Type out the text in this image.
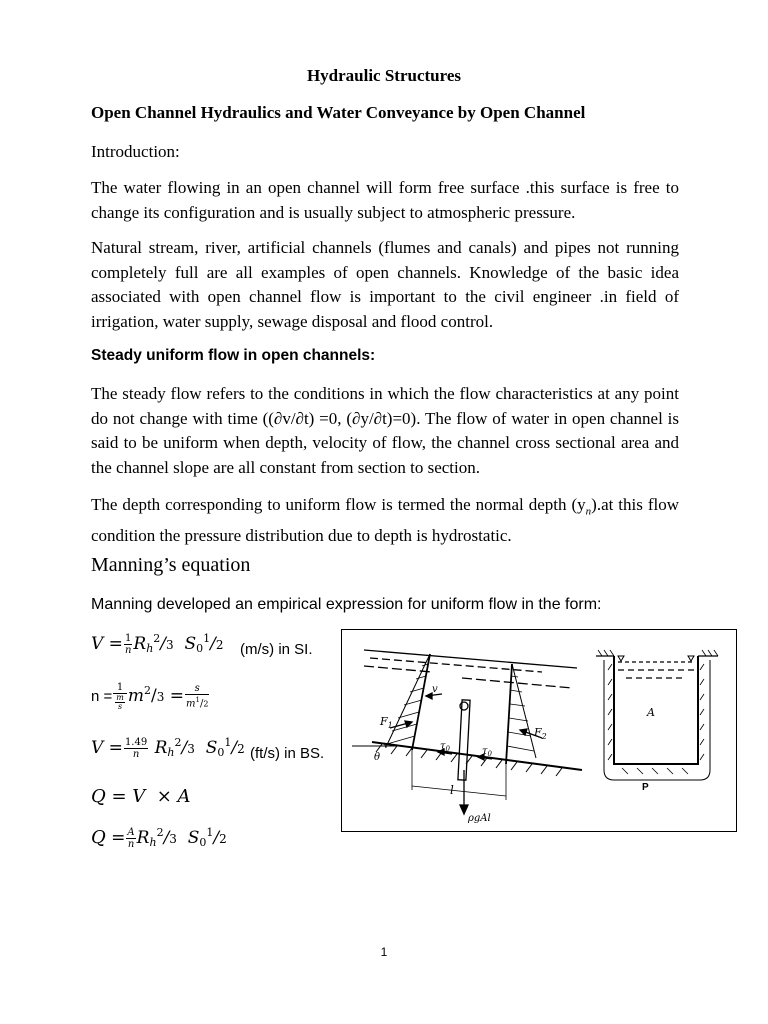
Hydraulic Structures
Open Channel Hydraulics and Water Conveyance by Open Channel
Introduction:
The water flowing in an open channel will form free surface .this surface is free to change its configuration and is usually subject to atmospheric pressure.
Natural stream, river, artificial channels (flumes and canals) and pipes not running completely full are all examples of open channels. Knowledge of the basic idea associated with open channel flow is important to the civil engineer .in field of irrigation, water supply, sewage disposal and flood control.
Steady uniform flow in open channels:
The steady flow refers to the conditions in which the flow characteristics at any point do not change with time ((∂v/∂t) =0, (∂y/∂t)=0). The flow of water in open channel is said to be uniform when depth, velocity of flow, the channel cross sectional area and the channel slope are all constant from section to section.
The depth corresponding to uniform flow is termed the normal depth $(y_n).at$ this flow condition the pressure distribution due to depth is hydrostatic.
Manning’s equation
Manning developed an empirical expression for uniform flow in the form:
$V = \frac{1}{n} R_h^2/3$ $S_0^1/2$ (m/s) in SI.
$n = \frac{1}{\frac{m}{s}} m^2/3 = \frac{s}{m^1/2}$
$V = \frac{1.49}{n} R_h^2/3$ $S_0^1/2$ (ft/s) in BS.
Q = V  × A
$Q = \frac{A}{n} R_h^2/3$ $S_0^1/2$
$F_1$
$F_2$
v
$\tau_0$	$\tau_0$
θ
l
ρgAl
A
P
1
